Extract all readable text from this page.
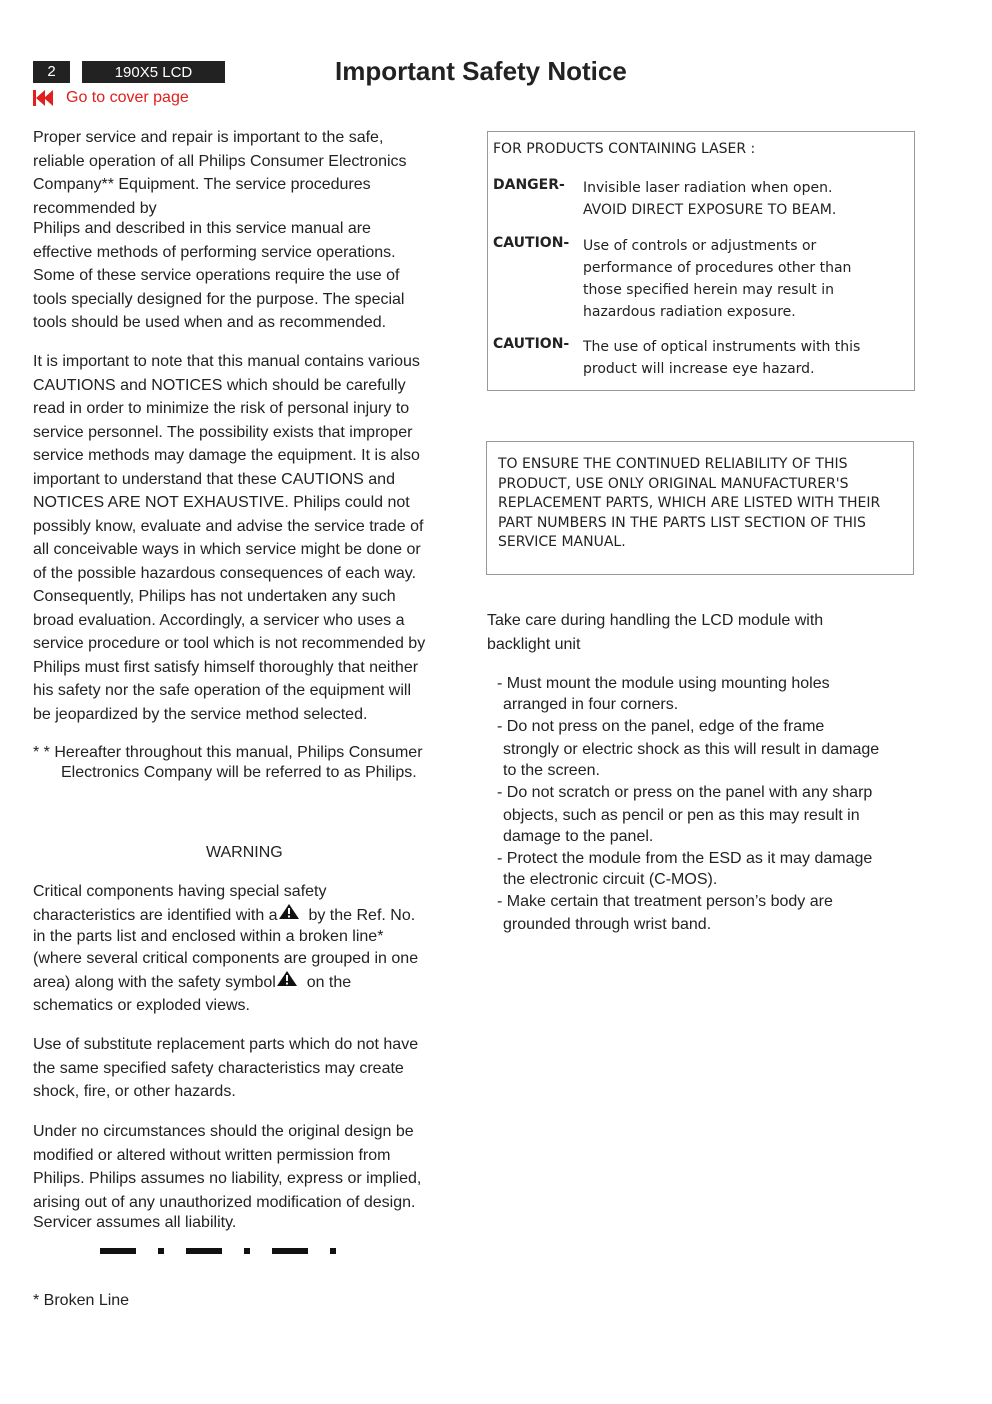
2	190X5 LCD	Important Safety Notice
Go to cover page
Proper service and repair is important to the safe,
reliable operation of all Philips Consumer Electronics
Company** Equipment. The service procedures
recommended by
Philips and described in this service manual are
effective methods of performing service operations.
Some of these service operations require the use of
tools specially designed for the purpose. The special
tools should be used when and as recommended.
It is important to note that this manual contains various
CAUTIONS and NOTICES which should be carefully
read in order to minimize the risk of personal injury to
service personnel. The possibility exists that improper
service methods may damage the equipment. It is also
important to understand that these CAUTIONS and
NOTICES ARE NOT EXHAUSTIVE. Philips could not
possibly know, evaluate and advise the service trade of
all conceivable ways in which service might be done or
of the possible hazardous consequences of each way.
Consequently, Philips has not undertaken any such
broad evaluation. Accordingly, a servicer who uses a
service procedure or tool which is not recommended by
Philips must first satisfy himself thoroughly that neither
his safety nor the safe operation of the equipment will
be jeopardized by the service method selected.
* * Hereafter throughout this manual, Philips Consumer
Electronics Company will be referred to as Philips.
WARNING
Critical components having special safety
characteristics are identified with a by the Ref. No.
in the parts list and enclosed within a broken line*
(where several critical components are grouped in one
area) along with the safety symbol on the
schematics or exploded views.
Use of substitute replacement parts which do not have
the same specified safety characteristics may create
shock, fire, or other hazards.
Under no circumstances should the original design be
modified or altered without written permission from
Philips. Philips assumes no liability, express or implied,
arising out of any unauthorized modification of design.
Servicer assumes all liability.
* Broken Line
FOR PRODUCTS CONTAINING LASER :
DANGER- Invisible laser radiation when open.
AVOID DIRECT EXPOSURE TO BEAM.
CAUTION- Use of controls or adjustments or
performance of procedures other than
those specified herein may result in
hazardous radiation exposure.
CAUTION- The use of optical instruments with this
product will increase eye hazard.
TO ENSURE THE CONTINUED RELIABILITY OF THIS
PRODUCT, USE ONLY ORIGINAL MANUFACTURER'S
REPLACEMENT PARTS, WHICH ARE LISTED WITH THEIR
PART NUMBERS IN THE PARTS LIST SECTION OF THIS
SERVICE MANUAL.
Take care during handling the LCD module with
backlight unit
- Must mount the module using mounting holes
arranged in four corners.
- Do not press on the panel, edge of the frame
strongly or electric shock as this will result in damage
to the screen.
- Do not scratch or press on the panel with any sharp
objects, such as pencil or pen as this may result in
damage to the panel.
- Protect the module from the ESD as it may damage
the electronic circuit (C-MOS).
- Make certain that treatment person’s body are
grounded through wrist band.
